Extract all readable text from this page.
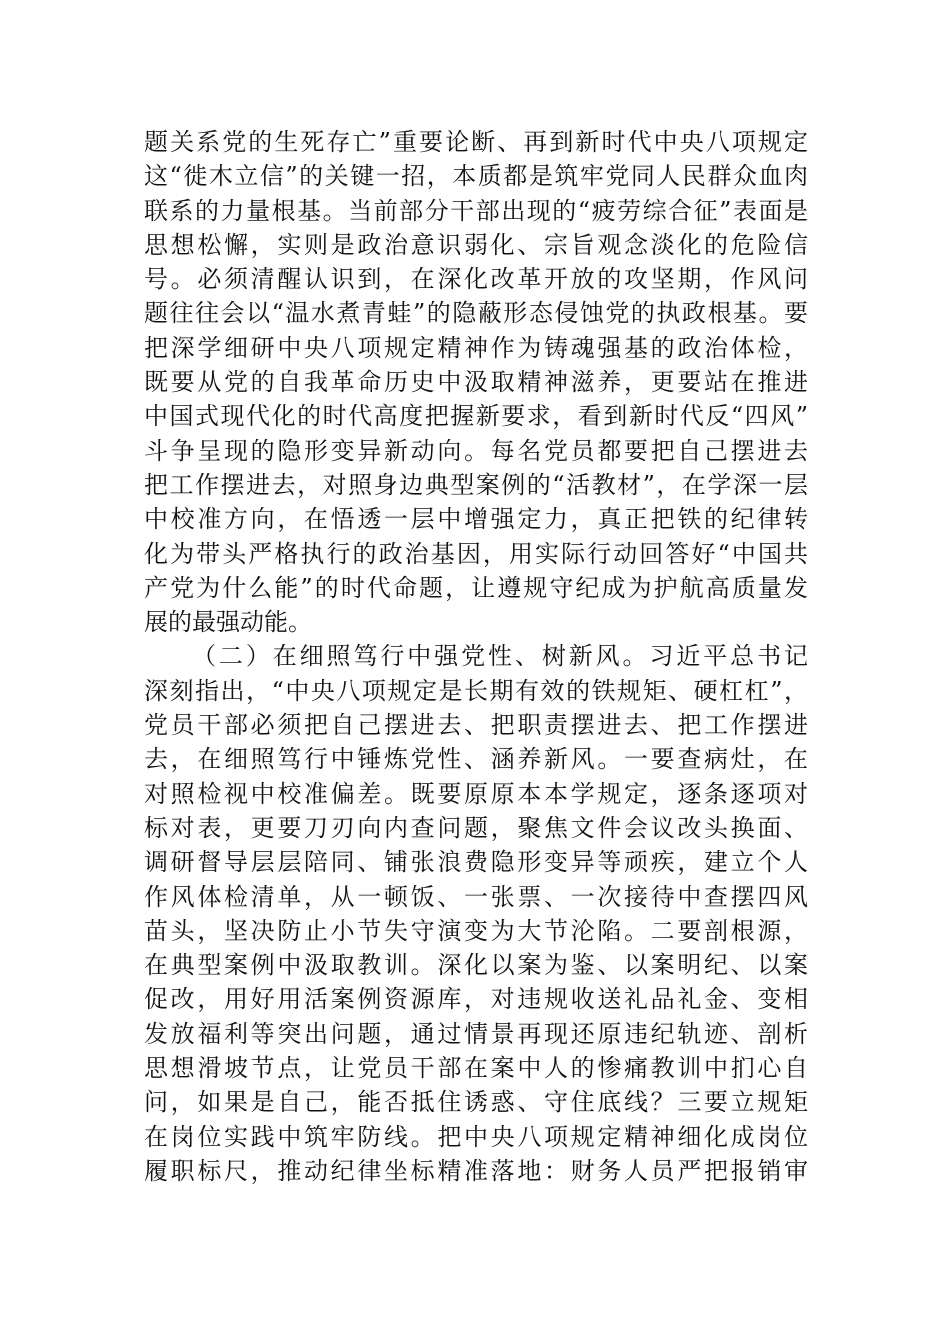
题关系党的生死存亡”重要论断、再到新时代中央八项规定
这“徙木立信”的关键一招，本质都是筑牢党同人民群众血肉
联系的力量根基。当前部分干部出现的“疲劳综合征”表面是
思想松懈，实则是政治意识弱化、宗旨观念淡化的危险信
号。必须清醒认识到，在深化改革开放的攻坚期，作风问
题往往会以“温水煮青蛙”的隐蔽形态侵蚀党的执政根基。要
把深学细研中央八项规定精神作为铸魂强基的政治体检，
既要从党的自我革命历史中汲取精神滋养，更要站在推进
中国式现代化的时代高度把握新要求，看到新时代反“四风”
斗争呈现的隐形变异新动向。每名党员都要把自己摆进去
把工作摆进去，对照身边典型案例的“活教材”，在学深一层
中校准方向，在悟透一层中增强定力，真正把铁的纪律转
化为带头严格执行的政治基因，用实际行动回答好“中国共
产党为什么能”的时代命题，让遵规守纪成为护航高质量发
展的最强动能。
（二）在细照笃行中强党性、树新风。习近平总书记
深刻指出，“中央八项规定是长期有效的铁规矩、硬杠杠”，
党员干部必须把自己摆进去、把职责摆进去、把工作摆进
去，在细照笃行中锤炼党性、涵养新风。一要查病灶，在
对照检视中校准偏差。既要原原本本学规定，逐条逐项对
标对表，更要刀刃向内查问题，聚焦文件会议改头换面、
调研督导层层陪同、铺张浪费隐形变异等顽疾，建立个人
作风体检清单，从一顿饭、一张票、一次接待中查摆四风
苗头，坚决防止小节失守演变为大节沦陷。二要剖根源，
在典型案例中汲取教训。深化以案为鉴、以案明纪、以案
促改，用好用活案例资源库，对违规收送礼品礼金、变相
发放福利等突出问题，通过情景再现还原违纪轨迹、剖析
思想滑坡节点，让党员干部在案中人的惨痛教训中扪心自
问，如果是自己，能否抵住诱惑、守住底线？三要立规矩
在岗位实践中筑牢防线。把中央八项规定精神细化成岗位
履职标尺，推动纪律坐标精准落地：财务人员严把报销审
